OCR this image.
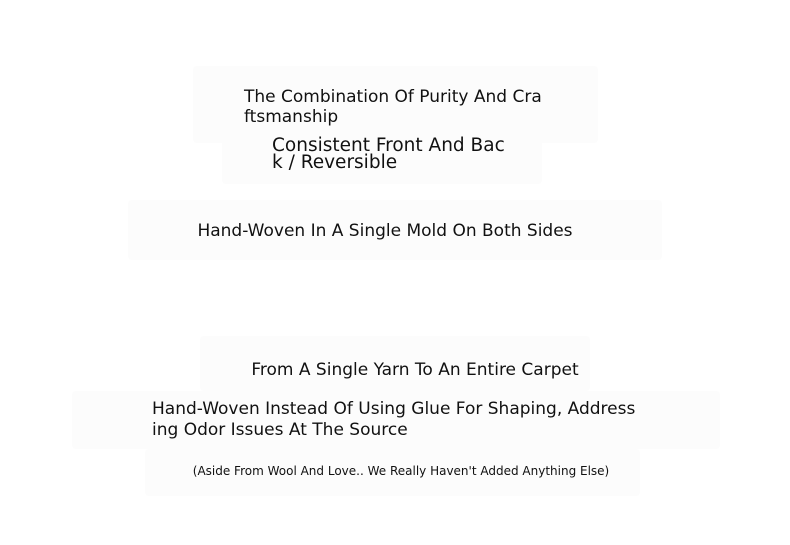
The Combination Of Purity And Craftsmanship

Consistent Front And Back / Reversible

Hand-Woven In A Single Mold On Both Sides

From A Single Yarn To An Entire Carpet

Hand-Woven Instead Of Using Glue For Shaping, Addressing Odor Issues At The Source

(Aside From Wool And Love.. We Really Haven't Added Anything Else)
